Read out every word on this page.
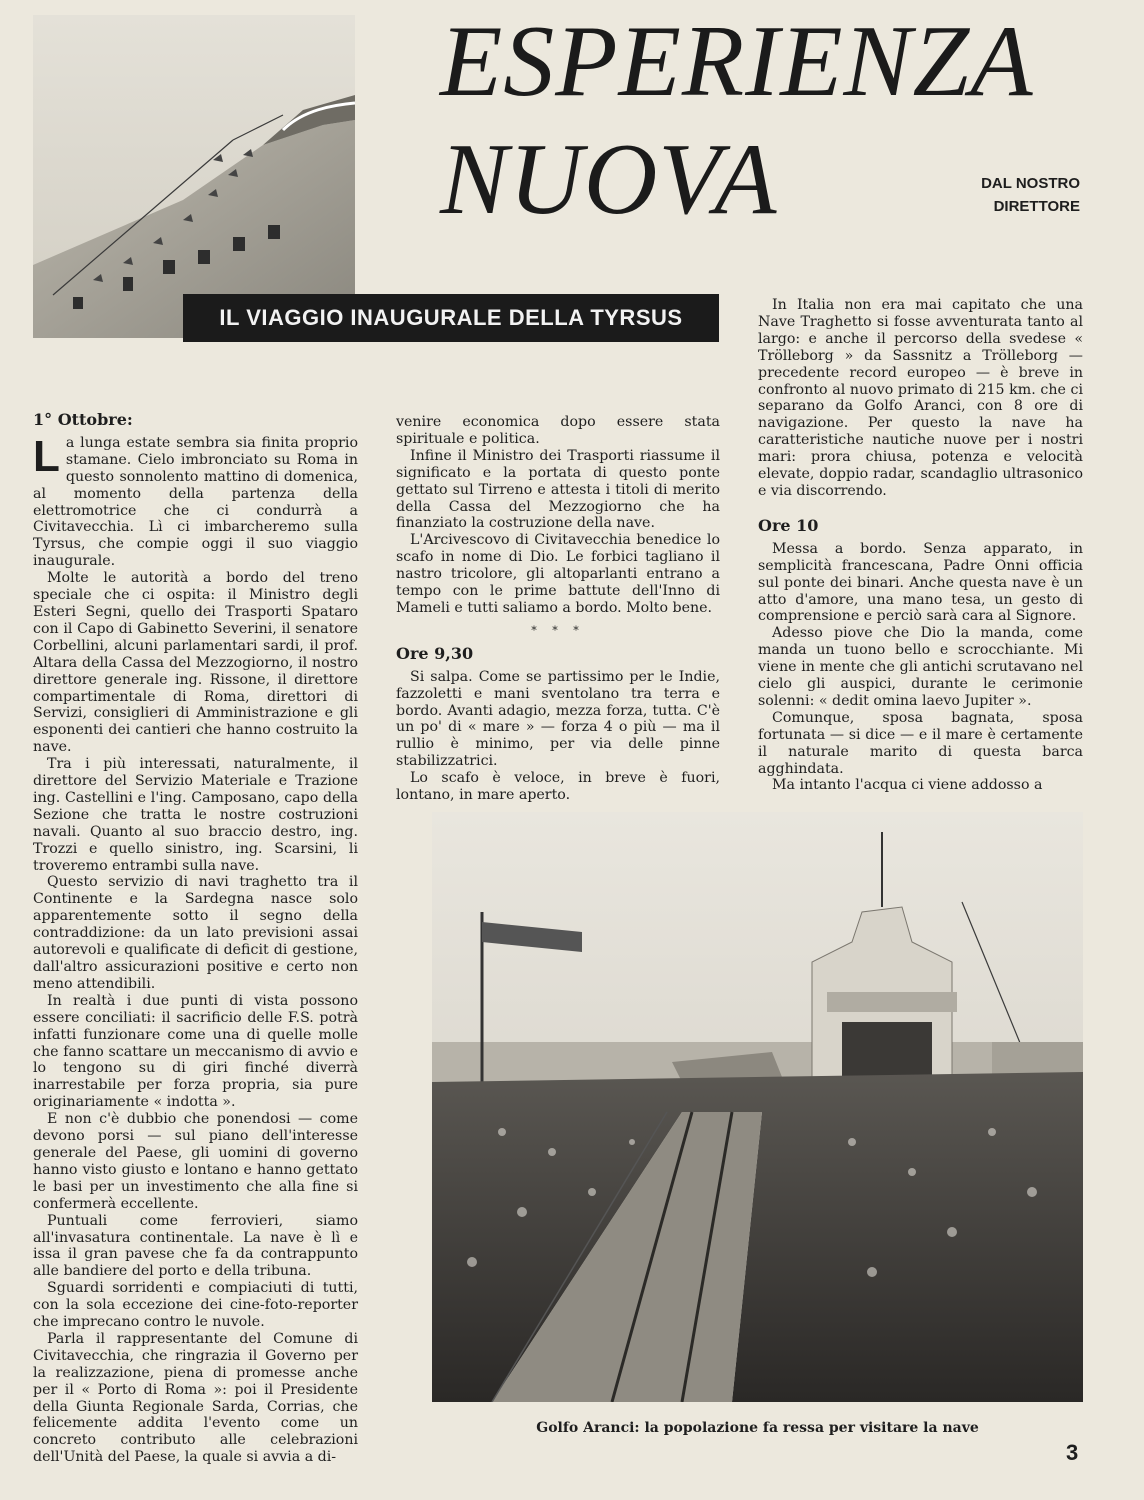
IL VIAGGIO INAUGURALE DELLA TYRSUS
ESPERIENZA
NUOVA	DAL NOSTRO
DIRETTORE
1° Ottobre:

La lunga estate sembra sia finita proprio stamane. Cielo imbronciato su Roma in questo sonnolento mattino di domenica, al momento della partenza della elettromotrice che ci condurrà a Civitavecchia. Lì ci imbarcheremo sulla Tyrsus, che compie oggi il suo viaggio inaugurale.

Molte le autorità a bordo del treno speciale che ci ospita: il Ministro degli Esteri Segni, quello dei Trasporti Spataro con il Capo di Gabinetto Severini, il senatore Corbellini, alcuni parlamentari sardi, il prof. Altara della Cassa del Mezzogiorno, il nostro direttore generale ing. Rissone, il direttore compartimentale di Roma, direttori di Servizi, consiglieri di Amministrazione e gli esponenti dei cantieri che hanno costruito la nave.

Tra i più interessati, naturalmente, il direttore del Servizio Materiale e Trazione ing. Castellini e l'ing. Camposano, capo della Sezione che tratta le nostre costruzioni navali. Quanto al suo braccio destro, ing. Trozzi e quello sinistro, ing. Scarsini, li troveremo entrambi sulla nave.

Questo servizio di navi traghetto tra il Continente e la Sardegna nasce solo apparentemente sotto il segno della contraddizione: da un lato previsioni assai autorevoli e qualificate di deficit di gestione, dall'altro assicurazioni positive e certo non meno attendibili.

In realtà i due punti di vista possono essere conciliati: il sacrificio delle F.S. potrà infatti funzionare come una di quelle molle che fanno scattare un meccanismo di avvio e lo tengono su di giri finché diverrà inarrestabile per forza propria, sia pure originariamente « indotta ».

E non c'è dubbio che ponendosi — come devono porsi — sul piano dell'interesse generale del Paese, gli uomini di governo hanno visto giusto e lontano e hanno gettato le basi per un investimento che alla fine si confermerà eccellente.

Puntuali come ferrovieri, siamo all'invasatura continentale. La nave è lì e issa il gran pavese che fa da contrappunto alle bandiere del porto e della tribuna.

Sguardi sorridenti e compiaciuti di tutti, con la sola eccezione dei cine-foto-reporter che imprecano contro le nuvole.

Parla il rappresentante del Comune di Civitavecchia, che ringrazia il Governo per la realizzazione, piena di promesse anche per il « Porto di Roma »: poi il Presidente della Giunta Regionale Sarda, Corrias, che felicemente addita l'evento come un concreto contributo alle celebrazioni dell'Unità del Paese, la quale si avvia a di-

venire economica dopo essere stata spirituale e politica.

Infine il Ministro dei Trasporti riassume il significato e la portata di questo ponte gettato sul Tirreno e attesta i titoli di merito della Cassa del Mezzogiorno che ha finanziato la costruzione della nave.

L'Arcivescovo di Civitavecchia benedice lo scafo in nome di Dio. Le forbici tagliano il nastro tricolore, gli altoparlanti entrano a tempo con le prime battute dell'Inno di Mameli e tutti saliamo a bordo. Molto bene.

* * *
Ore 9,30

Si salpa. Come se partissimo per le Indie, fazzoletti e mani sventolano tra terra e bordo. Avanti adagio, mezza forza, tutta. C'è un po' di « mare » — forza 4 o più — ma il rullio è minimo, per via delle pinne stabilizzatrici.

Lo scafo è veloce, in breve è fuori, lontano, in mare aperto.

In Italia non era mai capitato che una Nave Traghetto si fosse avventurata tanto al largo: e anche il percorso della svedese « Trölleborg » da Sassnitz a Trölleborg — precedente record europeo — è breve in confronto al nuovo primato di 215 km. che ci separano da Golfo Aranci, con 8 ore di navigazione. Per questo la nave ha caratteristiche nautiche nuove per i nostri mari: prora chiusa, potenza e velocità elevate, doppio radar, scandaglio ultrasonico e via discorrendo.

Ore 10

Messa a bordo. Senza apparato, in semplicità francescana, Padre Onni officia sul ponte dei binari. Anche questa nave è un atto d'amore, una mano tesa, un gesto di comprensione e perciò sarà cara al Signore.

Adesso piove che Dio la manda, come manda un tuono bello e scrocchiante. Mi viene in mente che gli antichi scrutavano nel cielo gli auspici, durante le cerimonie solenni: « dedit omina laevo Jupiter ».

Comunque, sposa bagnata, sposa fortunata — si dice — e il mare è certamente il naturale marito di questa barca agghindata.

Ma intanto l'acqua ci viene addosso a

Golfo Aranci: la popolazione fa ressa per visitare la nave
3
